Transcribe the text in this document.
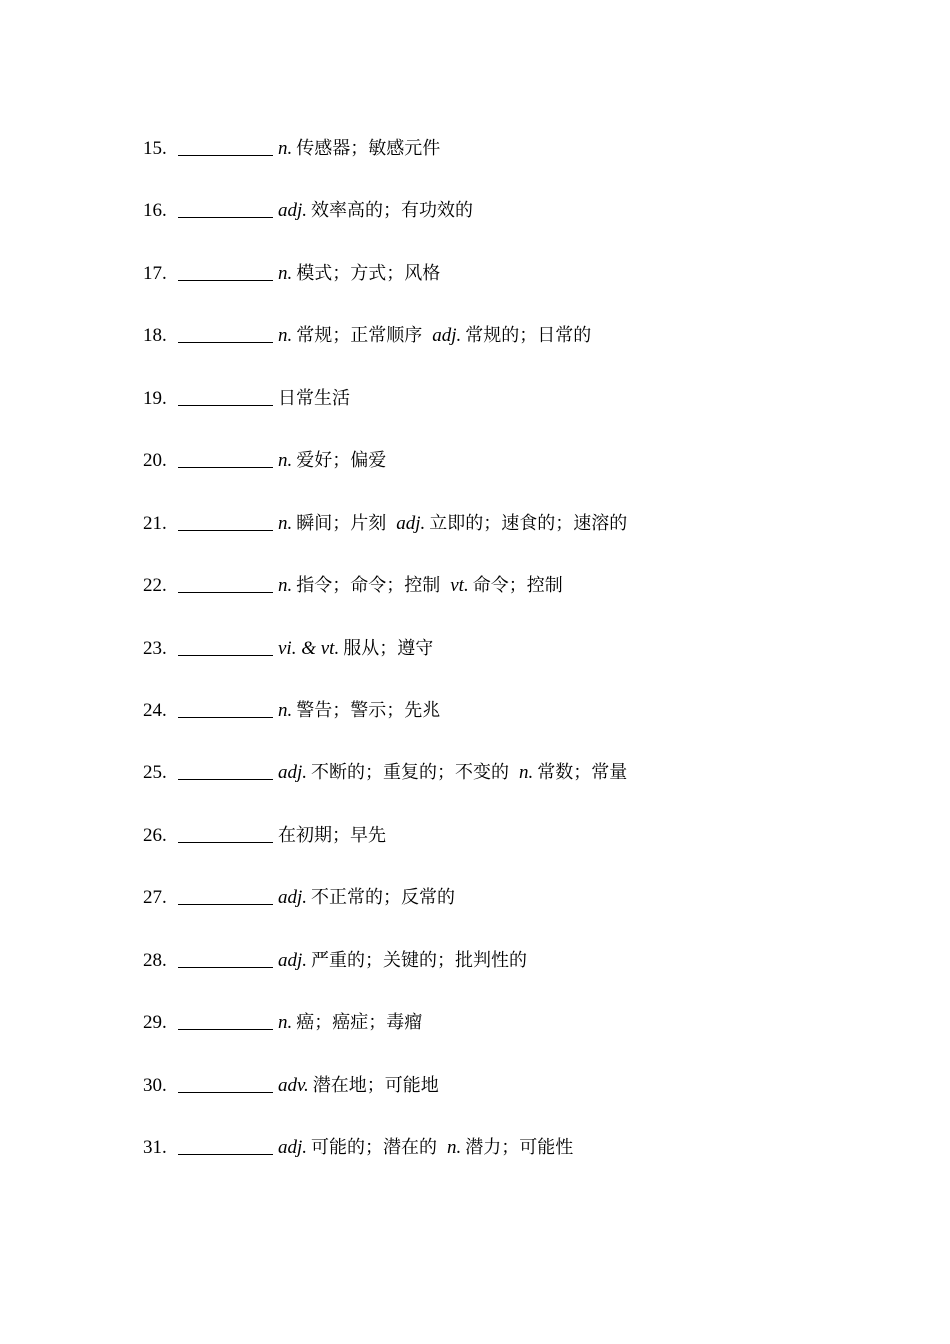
15.	n. 传感器；敏感元件
16.	adj. 效率高的；有功效的
17.	n. 模式；方式；风格
18.	n. 常规；正常顺序 adj. 常规的；日常的
19.	日常生活
20.	n. 爱好；偏爱
21.	n. 瞬间；片刻 adj. 立即的；速食的；速溶的
22.	n. 指令；命令；控制 vt. 命令；控制
23.	vi. & vt. 服从；遵守
24.	n. 警告；警示；先兆
25.	adj. 不断的；重复的；不变的 n. 常数；常量
26.	在初期；早先
27.	adj. 不正常的；反常的
28.	adj. 严重的；关键的；批判性的
29.	n. 癌；癌症；毒瘤
30.	adv. 潜在地；可能地
31.	adj. 可能的；潜在的 n. 潜力；可能性
